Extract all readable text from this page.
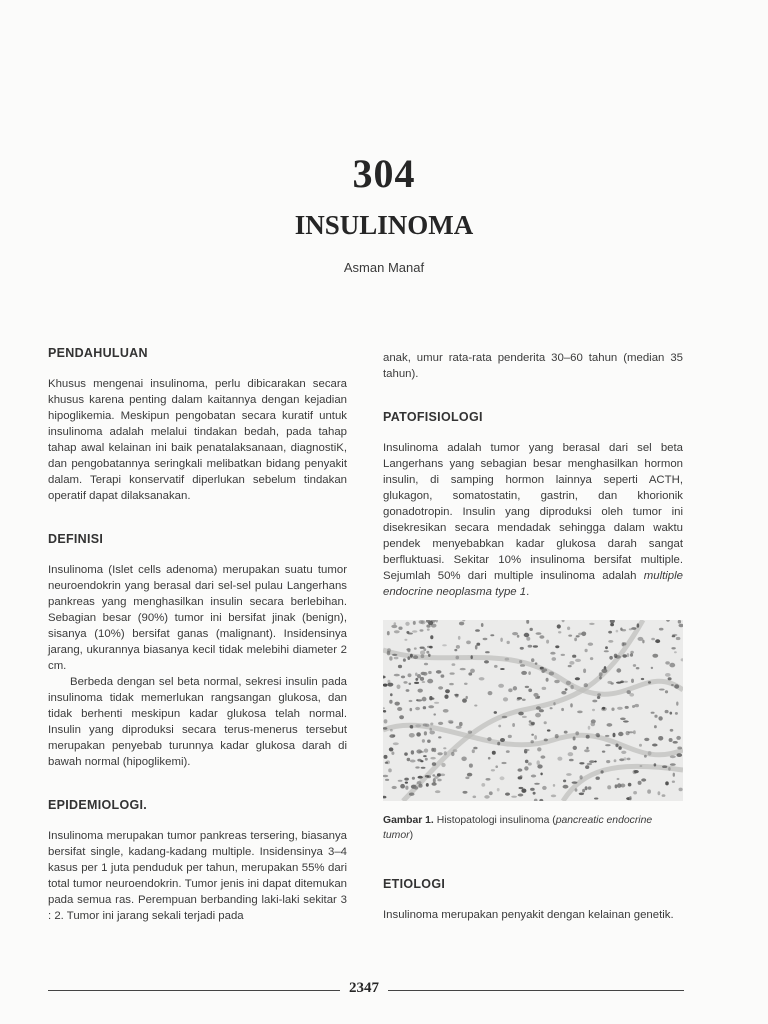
304
INSULINOMA
Asman Manaf
PENDAHULUAN

Khusus mengenai insulinoma, perlu dibicarakan secara khusus karena penting dalam kaitannya dengan kejadian hipoglikemia. Meskipun pengobatan secara kuratif untuk insulinoma adalah melalui tindakan bedah, pada tahap tahap awal kelainan ini baik penatalaksanaan, diagnostiK, dan pengobatannya seringkali melibatkan bidang penyakit dalam. Terapi konservatif diperlukan sebelum tindakan operatif dapat dilaksanakan.

DEFINISI

Insulinoma (Islet cells adenoma) merupakan suatu tumor neuroendokrin yang berasal dari sel-sel pulau Langerhans pankreas yang menghasilkan insulin secara berlebihan. Sebagian besar (90%) tumor ini bersifat jinak (benign), sisanya (10%) bersifat ganas (malignant). Insidensinya jarang, ukurannya biasanya kecil tidak melebihi diameter 2 cm.

Berbeda dengan sel beta normal, sekresi insulin pada insulinoma tidak memerlukan rangsangan glukosa, dan tidak berhenti meskipun kadar glukosa telah normal. Insulin yang diproduksi secara terus-menerus tersebut merupakan penyebab turunnya kadar glukosa darah di bawah normal (hipoglikemi).

EPIDEMIOLOGI.

Insulinoma merupakan tumor pankreas tersering, biasanya bersifat single, kadang-kadang multiple. Insidensinya 3–4 kasus per 1 juta penduduk per tahun, merupakan 55% dari total tumor neuroendokrin. Tumor jenis ini dapat ditemukan pada semua ras. Perempuan berbanding laki-laki sekitar 3 : 2. Tumor ini jarang sekali terjadi pada

anak, umur rata-rata penderita 30–60 tahun (median 35 tahun).

PATOFISIOLOGI

Insulinoma adalah tumor yang berasal dari sel beta Langerhans yang sebagian besar menghasilkan hormon insulin, di samping hormon lainnya seperti ACTH, glukagon, somatostatin, gastrin, dan khorionik gonadotropin. Insulin yang diproduksi oleh tumor ini disekresikan secara mendadak sehingga dalam waktu pendek menyebabkan kadar glukosa darah sangat berfluktuasi. Sekitar 10% insulinoma bersifat multiple. Sejumlah 50% dari multiple insulinoma adalah multiple endocrine neoplasma type 1.

Gambar 1. Histopatologi insulinoma (pancreatic endocrine tumor)
ETIOLOGI

Insulinoma merupakan penyakit dengan kelainan genetik.

2347
